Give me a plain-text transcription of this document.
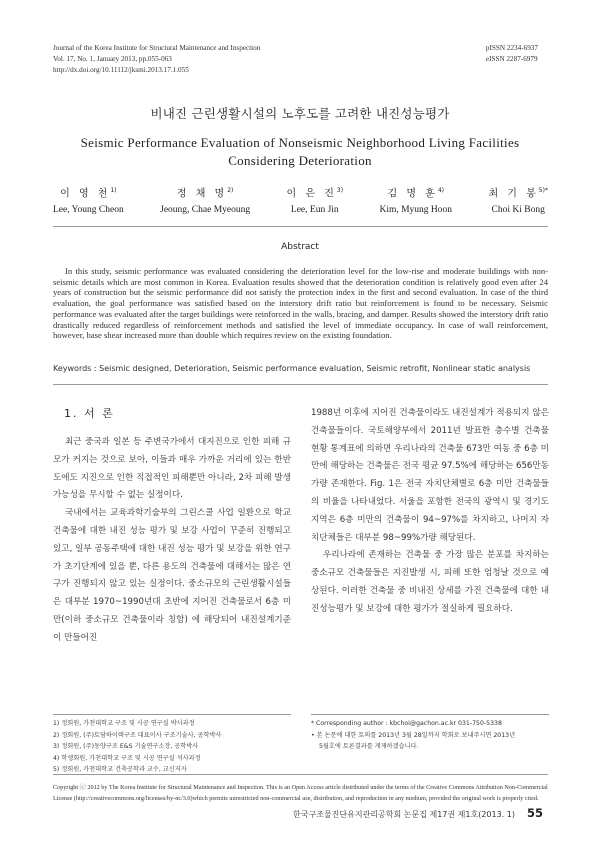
Journal of the Korea Institute for Structural Maintenance and Inspection
Vol. 17, No. 1, January 2013, pp.055-063
http://dx.doi.org/10.11112/jksmi.2013.17.1.055
pISSN 2234-6937
eISSN 2287-6979
비내진 근린생활시설의 노후도를 고려한 내진성능평가
Seismic Performance Evaluation of Nonseismic Neighborhood Living Facilities
Considering Deterioration
이 영 천$^{1)}$
Lee, Young Cheon
정 채 명$^{2)}$
Jeoung, Chae Myeoung
이 은 진$^{3)}$
Lee, Eun Jin
김 명 훈$^{4)}$
Kim, Myung Hoon
최 기 봉$^{5)*}$
Choi Ki Bong
Abstract
In this study, seismic performance was evaluated considering the deterioration level for the low-rise and moderate buildings with non-seismic details which are most common in Korea. Evaluation results showed that the deterioration condition is relatively good even after 24 years of construction but the seismic performance did not satisfy the protection index in the first and second evaluation. In case of the third evaluation, the goal performance was satisfied based on the interstory drift ratio but reinforcement is found to be necessary. Seismic performance was evaluated after the target buildings were reinforced in the walls, bracing, and damper. Results showed the interstory drift ratio drastically reduced regardless of reinforcement methods and satisfied the level of immediate occupancy. In case of wall reinforcement, however, base shear increased more than double which requires review on the existing foundation.
Keywords : Seismic designed, Deterioration, Seismic performance evaluation, Seismic retrofit, Nonlinear static analysis
1. 서 론

최근 중국과 일본 등 주변국가에서 대지진으로 인한 피해 규모가 커지는 것으로 보아, 이들과 매우 가까운 거리에 있는 한반도에도 지진으로 인한 직접적인 피해뿐만 아니라, 2차 피해 발생 가능성을 무시할 수 없는 실정이다.

국내에서는 교육과학기술부의 그린스쿨 사업 일환으로 학교 건축물에 대한 내진 성능 평가 및 보강 사업이 꾸준히 진행되고 있고, 일부 공동주택에 대한 내진 성능 평가 및 보강을 위한 연구가 초기단계에 있을 뿐, 다른 용도의 건축물에 대해서는 많은 연구가 진행되지 않고 있는 실정이다. 중소규모의 근린생활시설들은 대부분 1970~1990년대 초반에 지어진 건축물로서 6층 미만(이하 중소규모 건축물이라 칭함) 에 해당되어 내진설계기준이 만들어진

1988년 이후에 지어진 건축물이라도 내진설계가 적용되지 않은 건축물들이다. 국토해양부에서 2011년 발표한 층수별 건축물 현황 통계표에 의하면 우리나라의 건축물 673만 여동 중 6층 미만에 해당하는 건축물은 전국 평균 97.5%에 해당하는 656만동 가량 존재한다. Fig. 1은 전국 자치단체별로 6층 미만 건축물들의 비율을 나타내었다. 서울을 포함한 전국의 광역시 및 경기도 지역은 6층 미만의 건축물이 94~97%를 차지하고, 나머지 자치단체들은 대부분 98~99%가량 해당된다.

우리나라에 존재하는 건축물 중 가장 많은 분포를 차지하는 중소규모 건축물들은 지진발생 시, 피해 또한 엄청날 것으로 예상된다. 이러한 건축물 중 비내진 상세를 가진 건축물에 대한 내진성능평가 및 보강에 대한 평가가 절실하게 필요하다.

1) 정회원, 가천대학교 구조 및 시공 연구실 박사과정
2) 정회원, (주)토담하이텍구조 대표이사 구조기술사, 공학박사
3) 정회원, (주)동양구조 E&S 기술연구소장, 공학박사
4) 학생회원, 가천대학교 구조 및 시공 연구실 석사과정
5) 정회원, 가천대학교 건축공학과 교수, 교신저자
* Corresponding author : kbchoi@gachon.ac.kr 031-750-5338
• 본 논문에 대한 토의를 2013년 3월 28일까지 학회로 보내주시면 2013년
5월호에 토론결과를 게재하겠습니다.
Copyright ⓒ 2012 by The Korea Institute for Structural Maintenance and Inspection. This is an Open Access article distributed under the terms of the Creative Commons Attribution Non-Commercial License (http://creativecommons.org/licenses/by-nc/3.0)which permits unrestricted non-commercial use, distribution, and reproduction in any medium, provided the original work is properly cited.
한국구조물진단유지관리공학회 논문집 제17권 제1호(2013. 1) 55
